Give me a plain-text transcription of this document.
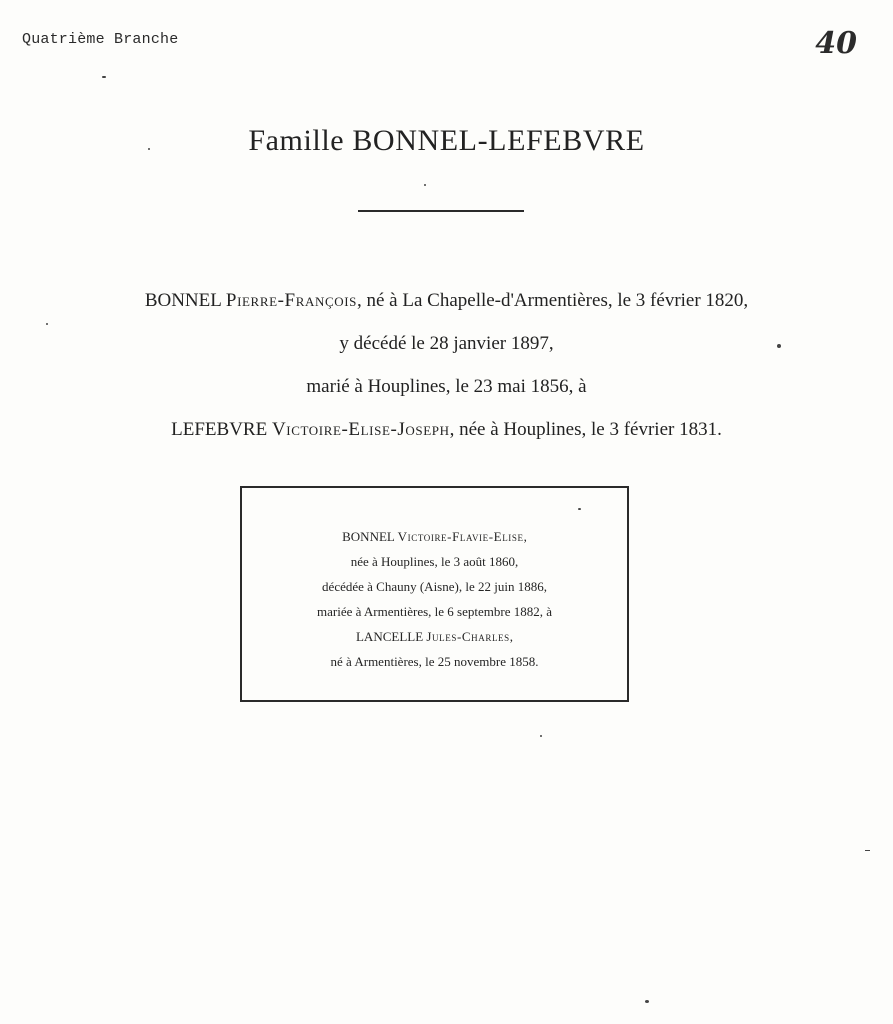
Quatrième Branche	40
Famille BONNEL-LEFEBVRE
BONNEL Pierre-François, né à La Chapelle-d'Armentières, le 3 février 1820,
y décédé le 28 janvier 1897,
marié à Houplines, le 23 mai 1856, à
LEFEBVRE Victoire-Elise-Joseph, née à Houplines, le 3 février 1831.
BONNEL Victoire-Flavie-Elise,
née à Houplines, le 3 août 1860,
décédée à Chauny (Aisne), le 22 juin 1886,
mariée à Armentières, le 6 septembre 1882, à
LANCELLE Jules-Charles,
né à Armentières, le 25 novembre 1858.
